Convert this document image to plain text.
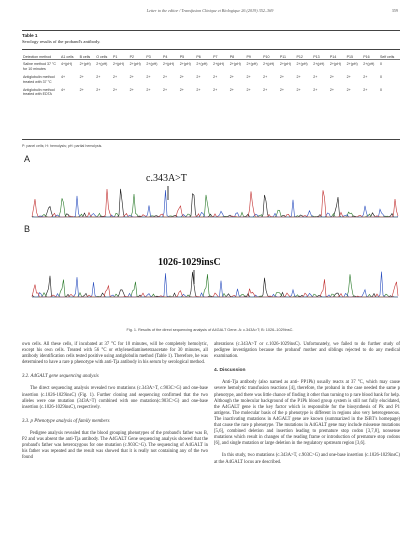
Letter to the editor / Transfusion Clinique et Biologique 26 (2019) 352–369	359
Table 1
Serology results of the proband's antibody.
Detection method	A1 cells	B cells	O cells	P1	P2	P3	P4	P5	P6	P7	P8	P9	P10	P11	P12	P13	P14	P15	P16	Self cells
Saline method 37 °C for 10 minutes	4+(pH)	2+(pH)	2+(pH)	2+(pH)	2+(pH)	2+(pH)	2+(pH)	2+(pH)	2+(pH)	2+(pH)	2+(pH)	2+(pH)	2+(pH)	2+(pH)	2+(pH)	2+(pH)	2+(pH)	2+(pH)	2+(pH)	0
Antiglobulin method treated with 37 °C	4+	2+	2+	2+	2+	2+	2+	2+	2+	2+	2+	2+	2+	2+	2+	2+	2+	2+	2+	0
Antiglobulin method treated with EDTA	4+	2+	2+	2+	2+	2+	2+	2+	2+	2+	2+	2+	2+	2+	2+	2+	2+	2+	2+	0
P: panel cells; H: hemolysis; pH: partial hemolysis.
A
B
c.343A>T
1026-1029insC
Fig. 1. Results of the direct sequencing analysis of A4GALT Gene. A: c.343A>T; B: 1026–1029insC.

own cells. All these cells, if incubated at 37 °C for 10 minutes, will be completely hemolytic, except his own cells. Treated with 56 °C or ethylenediaminetetraacetate for 30 minutes, all antibody identification cells tested positive using antiglobulin method (Table 1). Therefore, he was determined to have a rare p phenotype with anti-Tja antibody in his serum by serological method.

3.2. A4GALT gene sequencing analysis

The direct sequencing analysis revealed two mutations (c.343A>T, c.903C>G) and one-base insertion (c.1026-1029insC) (Fig. 1). Further cloning and sequencing confirmed that the two alleles were one mutation (343A>T) combined with one mutation(c.903C>G) and one-base insertion (c.1026-1029insC), respectively.

3.3. p Phenotype analysis of family members

Pedigree analysis revealed that the blood grouping phenotypes of the proband's father was B, P2 and was absent the anti-Tja antibody. The A4GALT Gene sequencing analysis showed that the proband's father was heterozygous for one mutation (c.903C>G). The sequencing of A4GALT in his father was repeated and the result was showed that it is really not containing any of the two found

alterations (c.343A>T or c.1026-1029insC). Unfortunately, we failed to do further study of pedigree investigation because the proband' mother and siblings rejected to do any medical examination.

4. Discussion

Anti-Tja antibody (also named as anti- PP1Pk) usually reacts at 37 °C, which may cause severe hemolytic transfusion reactions [4], therefore, the proband in the case needed the same p phenotype, and there was little chance of finding it other than turning to p rare blood bank for help. Although the molecular background of the P1Pk blood group system is still not fully elucidated, the A4GALT gene is the key factor which is responsible for the biosynthesis of Pk and P1 antigens. The molecular basis of the p phenotype is different in regions also very heterogeneous. The inactivating mutations in A4GALT gene are known (summarized in the ISBT's homepage) that cause the rare p phenotype. The mutations in A4GALT gene may include missense mutations [5,6], combined deletion and insertion leading to premature stop codon [3,7,8], nonsense mutations which result in changes of the reading frame or introduction of premature stop codons [6], and single mutation or large deletion in the regulatory upstream region [3,6].

In this study, two mutations (c.343A>T, c.903C>G) and one-base insertion (c.1026-1029insC) at the A4GALT locus are described.
